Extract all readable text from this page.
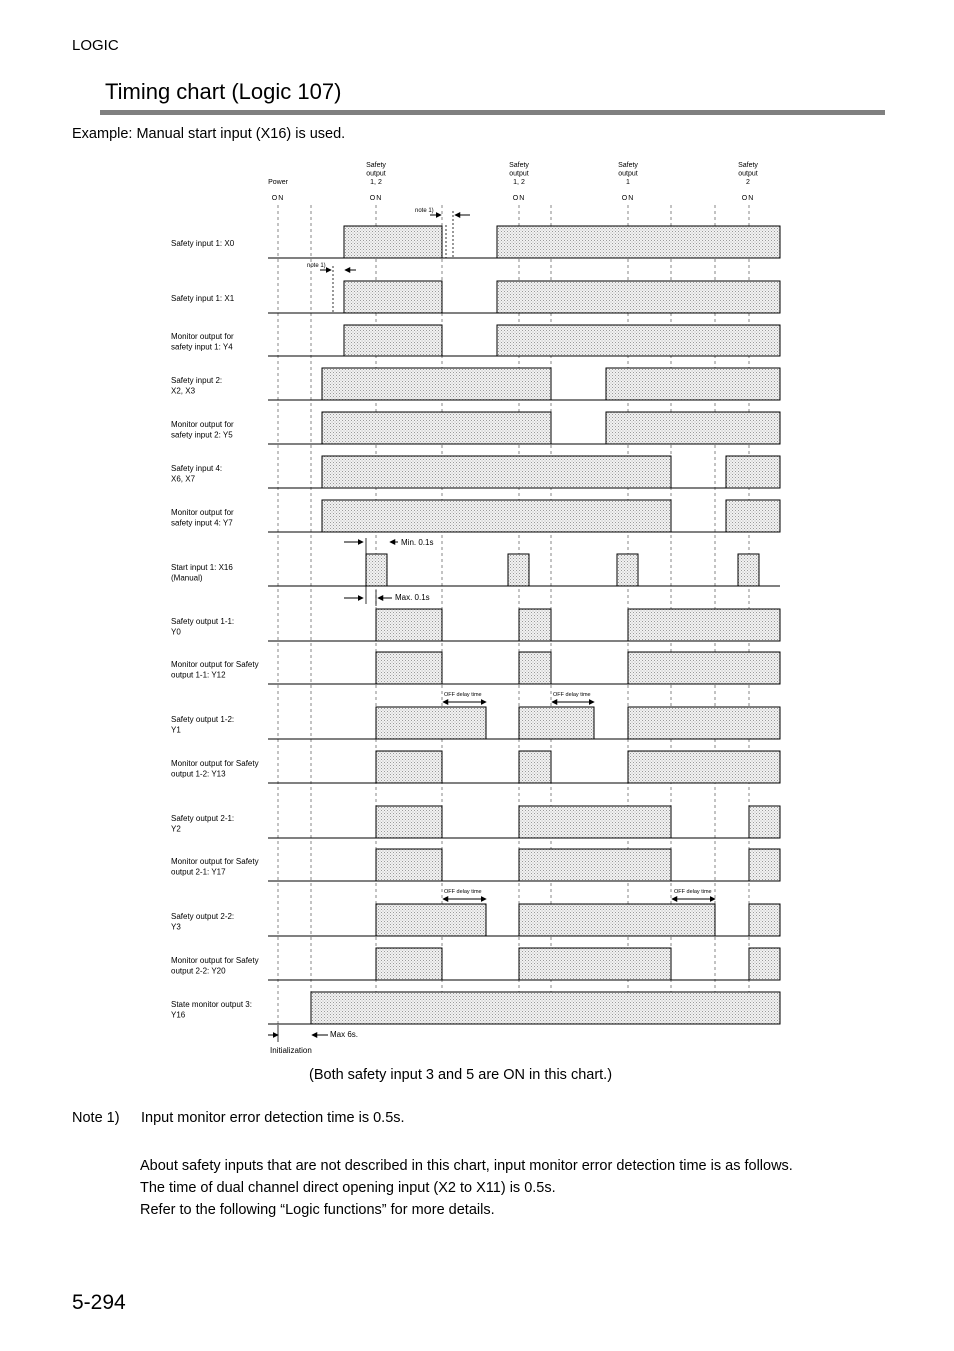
LOGIC
Timing chart (Logic 107)
Example: Manual start input (X16) is used.
Power
ON
Safety
output
1, 2
ON
Safety
output
1, 2
ON
Safety
output
1
ON
Safety
output
2
ON
Safety input 1: X0
Safety input 1: X1
Monitor output for
safety input 1: Y4
Safety input 2:
X2, X3
Monitor output for
safety input 2: Y5
Safety input 4:
X6, X7
Monitor output for
safety input 4: Y7
Start input 1: X16
(Manual)
Safety output 1-1:
Y0
Monitor output for Safety
output 1-1: Y12
Safety output 1-2:
Y1
Monitor output for Safety
output 1-2: Y13
Safety output 2-1:
Y2
Monitor output for Safety
output 2-1: Y17
Safety output 2-2:
Y3
Monitor output for Safety
output 2-2: Y20
State monitor output 3:
Y16
note 1)
note 1)
Min. 0.1s
Max. 0.1s
OFF delay time	OFF delay time
OFF delay time	OFF delay time
Max 6s.
Initialization
(Both safety input 3 and 5 are ON in this chart.)
Note 1) Input monitor error detection time is 0.5s.
About safety inputs that are not described in this chart, input monitor error detection time is as follows.
The time of dual channel direct opening input (X2 to X11) is 0.5s.
Refer to the following “Logic functions” for more details.
5-294
